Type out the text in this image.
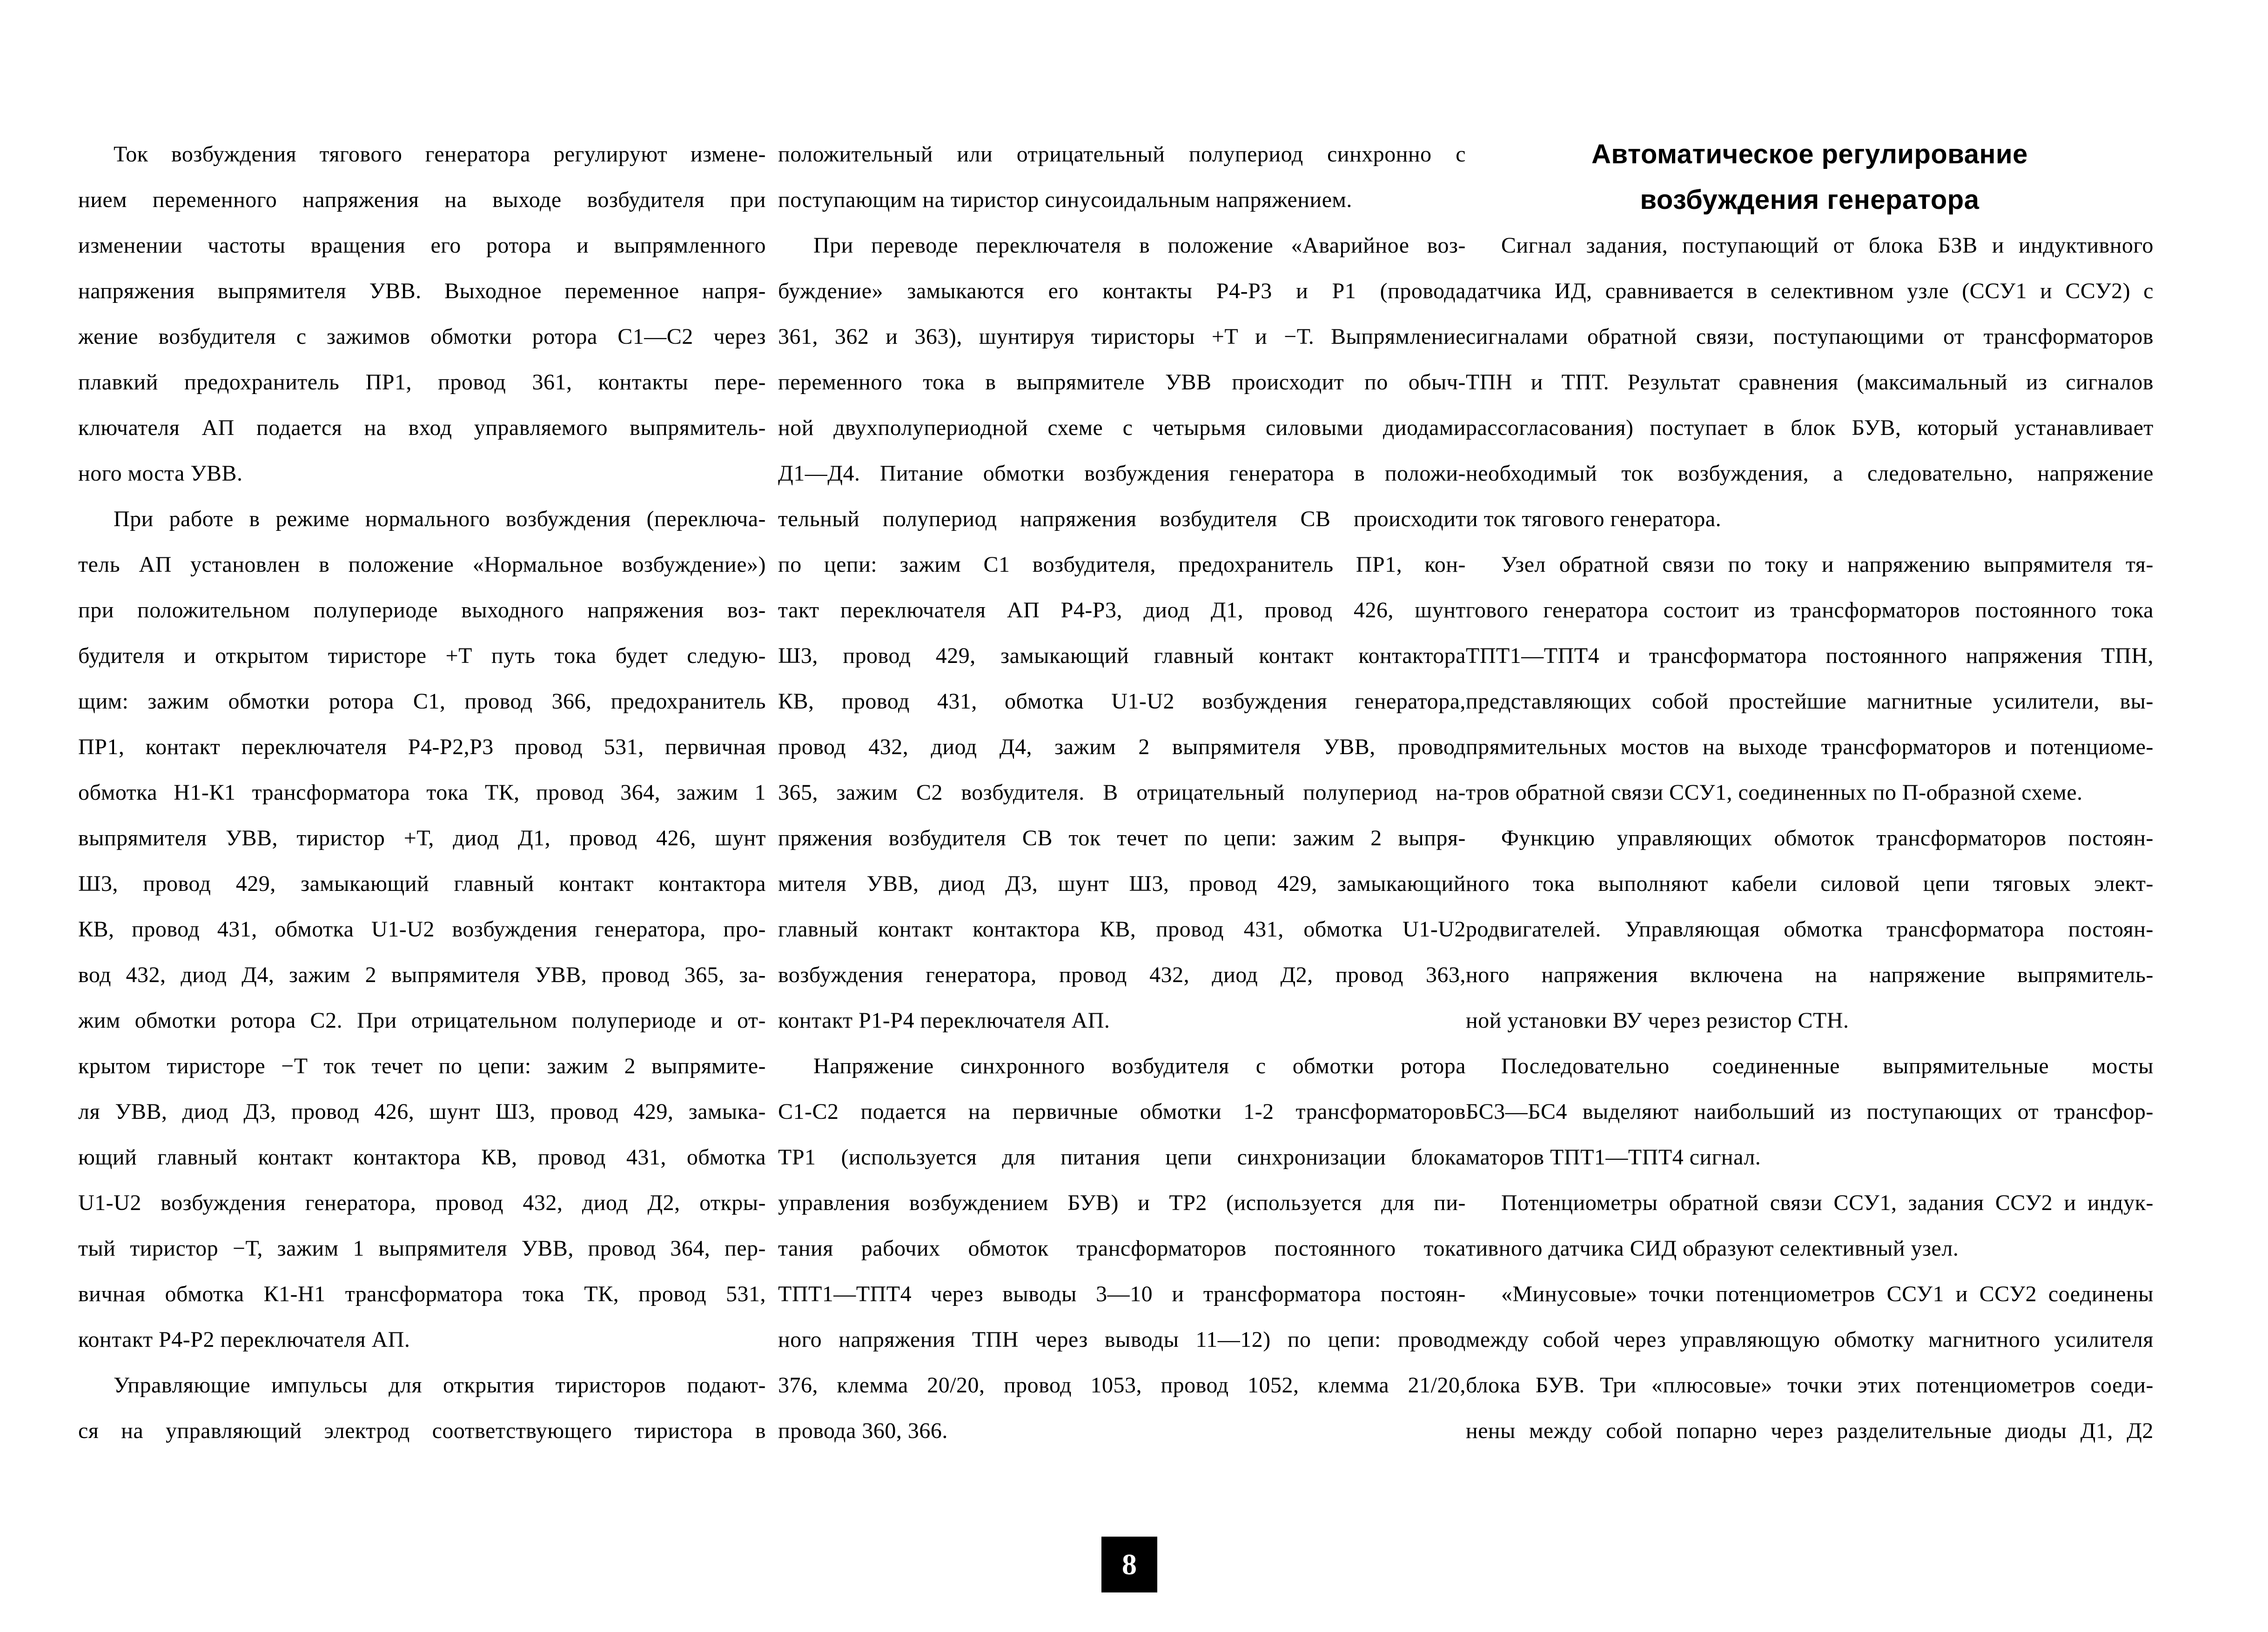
Ток возбуждения тягового генератора регулируют измене-
нием переменного напряжения на выходе возбудителя при
изменении частоты вращения его ротора и выпрямленного
напряжения выпрямителя УВВ. Выходное переменное напря-
жение возбудителя с зажимов обмотки ротора С1—С2 через
плавкий предохранитель ПР1, провод 361, контакты пере-
ключателя АП подается на вход управляемого выпрямитель-
ного моста УВВ.
При работе в режиме нормального возбуждения (переключа-
тель АП установлен в положение «Нормальное возбуждение»)
при положительном полупериоде выходного напряжения воз-
будителя и открытом тиристоре +Т путь тока будет следую-
щим: зажим обмотки ротора С1, провод 366, предохранитель
ПР1, контакт переключателя Р4-Р2,Р3 провод 531, первичная
обмотка Н1-К1 трансформатора тока ТК, провод 364, зажим 1
выпрямителя УВВ, тиристор +Т, диод Д1, провод 426, шунт
Ш3, провод 429, замыкающий главный контакт контактора
КВ, провод 431, обмотка U1-U2 возбуждения генератора, про-
вод 432, диод Д4, зажим 2 выпрямителя УВВ, провод 365, за-
жим обмотки ротора С2. При отрицательном полупериоде и от-
крытом тиристоре −Т ток течет по цепи: зажим 2 выпрямите-
ля УВВ, диод Д3, провод 426, шунт Ш3, провод 429, замыка-
ющий главный контакт контактора КВ, провод 431, обмотка
U1-U2 возбуждения генератора, провод 432, диод Д2, откры-
тый тиристор −Т, зажим 1 выпрямителя УВВ, провод 364, пер-
вичная обмотка К1-Н1 трансформатора тока ТК, провод 531,
контакт Р4-Р2 переключателя АП.
Управляющие импульсы для открытия тиристоров подают-
ся на управляющий электрод соответствующего тиристора в
положительный или отрицательный полупериод синхронно с
поступающим на тиристор синусоидальным напряжением.
При переводе переключателя в положение «Аварийное воз-
буждение» замыкаются его контакты Р4-Р3 и Р1 (провода
361, 362 и 363), шунтируя тиристоры +Т и −Т. Выпрямление
переменного тока в выпрямителе УВВ происходит по обыч-
ной двухполупериодной схеме с четырьмя силовыми диодами
Д1—Д4. Питание обмотки возбуждения генератора в положи-
тельный полупериод напряжения возбудителя СВ происходит
по цепи: зажим С1 возбудителя, предохранитель ПР1, кон-
такт переключателя АП Р4-Р3, диод Д1, провод 426, шунт
Ш3, провод 429, замыкающий главный контакт контактора
КВ, провод 431, обмотка U1-U2 возбуждения генератора,
провод 432, диод Д4, зажим 2 выпрямителя УВВ, провод
365, зажим С2 возбудителя. В отрицательный полупериод на-
пряжения возбудителя СВ ток течет по цепи: зажим 2 выпря-
мителя УВВ, диод Д3, шунт Ш3, провод 429, замыкающий
главный контакт контактора КВ, провод 431, обмотка U1-U2
возбуждения генератора, провод 432, диод Д2, провод 363,
контакт Р1-Р4 переключателя АП.
Напряжение синхронного возбудителя с обмотки ротора
С1-С2 подается на первичные обмотки 1-2 трансформаторов
ТР1 (используется для питания цепи синхронизации блока
управления возбуждением БУВ) и ТР2 (используется для пи-
тания рабочих обмоток трансформаторов постоянного тока
ТПТ1—ТПТ4 через выводы 3—10 и трансформатора постоян-
ного напряжения ТПН через выводы 11—12) по цепи: провод
376, клемма 20/20, провод 1053, провод 1052, клемма 21/20,
провода 360, 366.
Автоматическое регулирование
возбуждения генератора
Сигнал задания, поступающий от блока БЗВ и индуктивного
датчика ИД, сравнивается в селективном узле (ССУ1 и ССУ2) с
сигналами обратной связи, поступающими от трансформаторов
ТПН и ТПТ. Результат сравнения (максимальный из сигналов
рассогласования) поступает в блок БУВ, который устанавливает
необходимый ток возбуждения, а следовательно, напряжение
и ток тягового генератора.
Узел обратной связи по току и напряжению выпрямителя тя-
гового генератора состоит из трансформаторов постоянного тока
ТПТ1—ТПТ4 и трансформатора постоянного напряжения ТПН,
представляющих собой простейшие магнитные усилители, вы-
прямительных мостов на выходе трансформаторов и потенциоме-
тров обратной связи ССУ1, соединенных по П-образной схеме.
Функцию управляющих обмоток трансформаторов постоян-
ного тока выполняют кабели силовой цепи тяговых элект-
родвигателей. Управляющая обмотка трансформатора постоян-
ного напряжения включена на напряжение выпрямитель-
ной установки ВУ через резистор СТН.
Последовательно соединенные выпрямительные мосты
БС3—БС4 выделяют наибольший из поступающих от трансфор-
маторов ТПТ1—ТПТ4 сигнал.
Потенциометры обратной связи ССУ1, задания ССУ2 и индук-
тивного датчика СИД образуют селективный узел.
«Минусовые» точки потенциометров ССУ1 и ССУ2 соединены
между собой через управляющую обмотку магнитного усилителя
блока БУВ. Три «плюсовые» точки этих потенциометров соеди-
нены между собой попарно через разделительные диоды Д1, Д2
8
